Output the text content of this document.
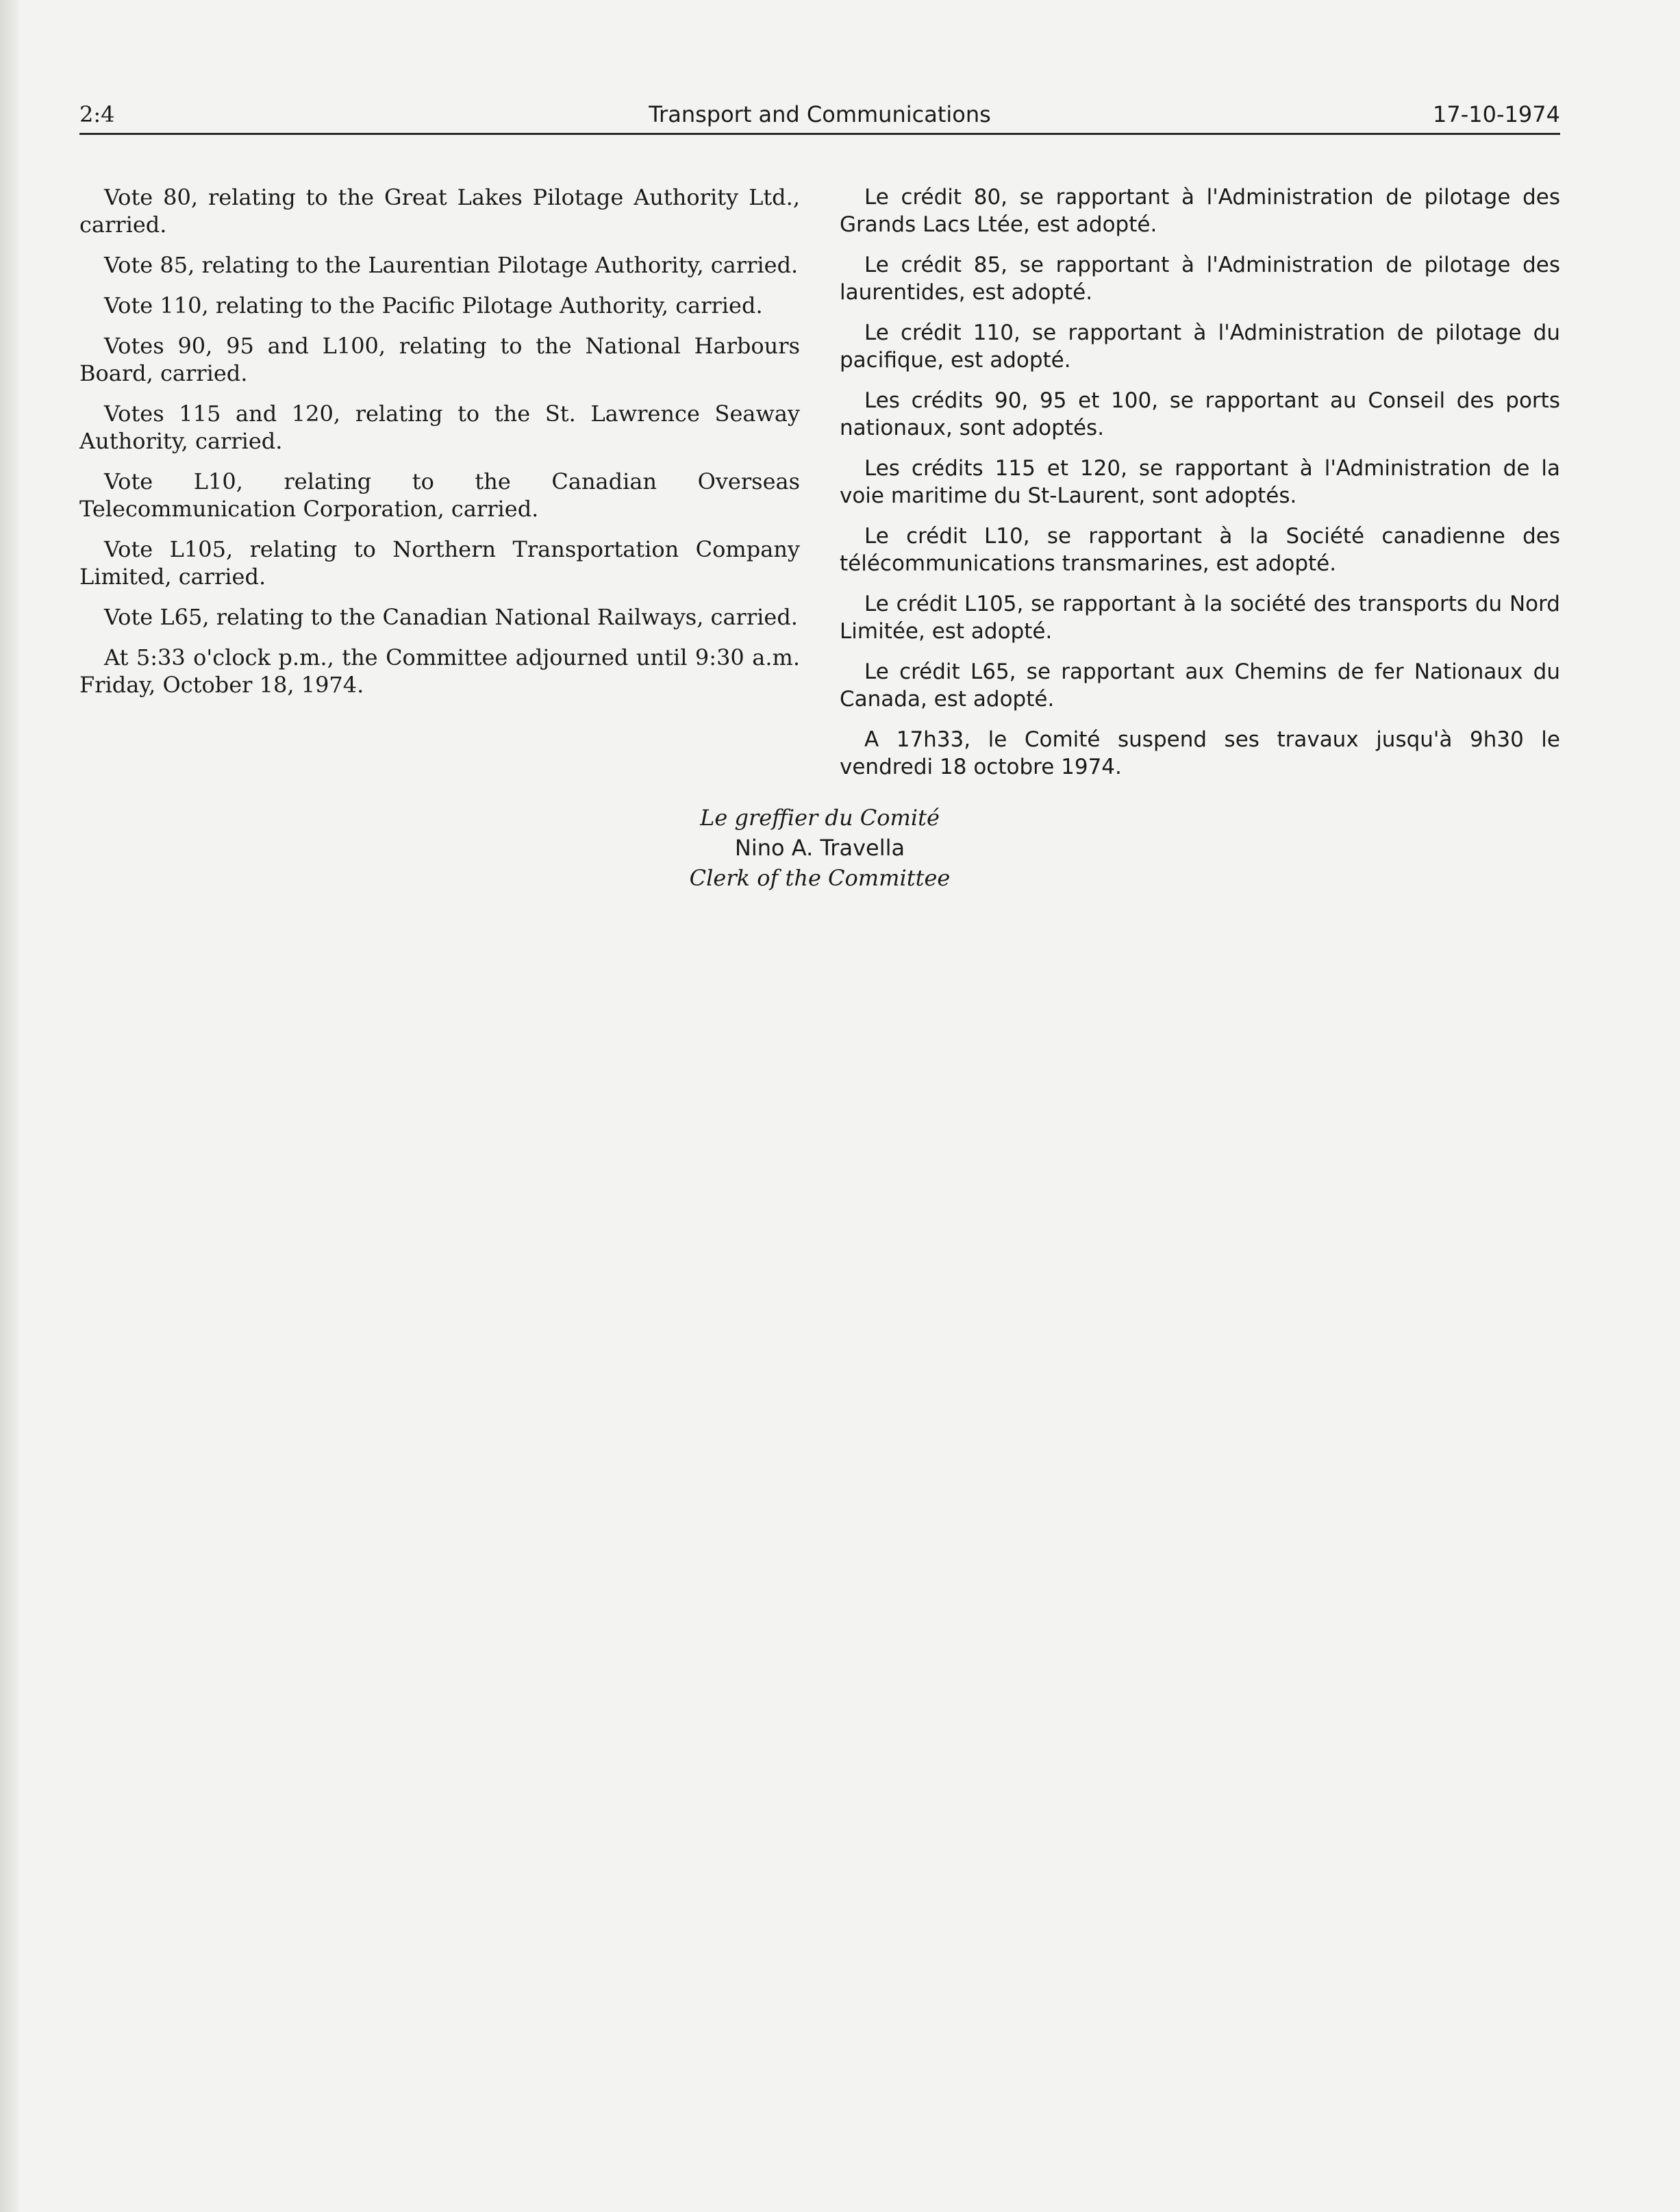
2:4	Transport and Communications	17-10-1974

Vote 80, relating to the Great Lakes Pilotage Authority Ltd., carried.

Vote 85, relating to the Laurentian Pilotage Authority, carried.

Vote 110, relating to the Pacific Pilotage Authority, carried.

Votes 90, 95 and L100, relating to the National Harbours Board, carried.

Votes 115 and 120, relating to the St. Lawrence Seaway Authority, carried.

Vote L10, relating to the Canadian Overseas Telecommunication Corporation, carried.

Vote L105, relating to Northern Transportation Company Limited, carried.

Vote L65, relating to the Canadian National Railways, carried.

At 5:33 o'clock p.m., the Committee adjourned until 9:30 a.m. Friday, October 18, 1974.

Le crédit 80, se rapportant à l'Administration de pilotage des Grands Lacs Ltée, est adopté.

Le crédit 85, se rapportant à l'Administration de pilotage des laurentides, est adopté.

Le crédit 110, se rapportant à l'Administration de pilotage du pacifique, est adopté.

Les crédits 90, 95 et 100, se rapportant au Conseil des ports nationaux, sont adoptés.

Les crédits 115 et 120, se rapportant à l'Administration de la voie maritime du St-Laurent, sont adoptés.

Le crédit L10, se rapportant à la Société canadienne des télécommunications transmarines, est adopté.

Le crédit L105, se rapportant à la société des transports du Nord Limitée, est adopté.

Le crédit L65, se rapportant aux Chemins de fer Nationaux du Canada, est adopté.

A 17h33, le Comité suspend ses travaux jusqu'à 9h30 le vendredi 18 octobre 1974.

Le greffier du Comité
Nino A. Travella
Clerk of the Committee
